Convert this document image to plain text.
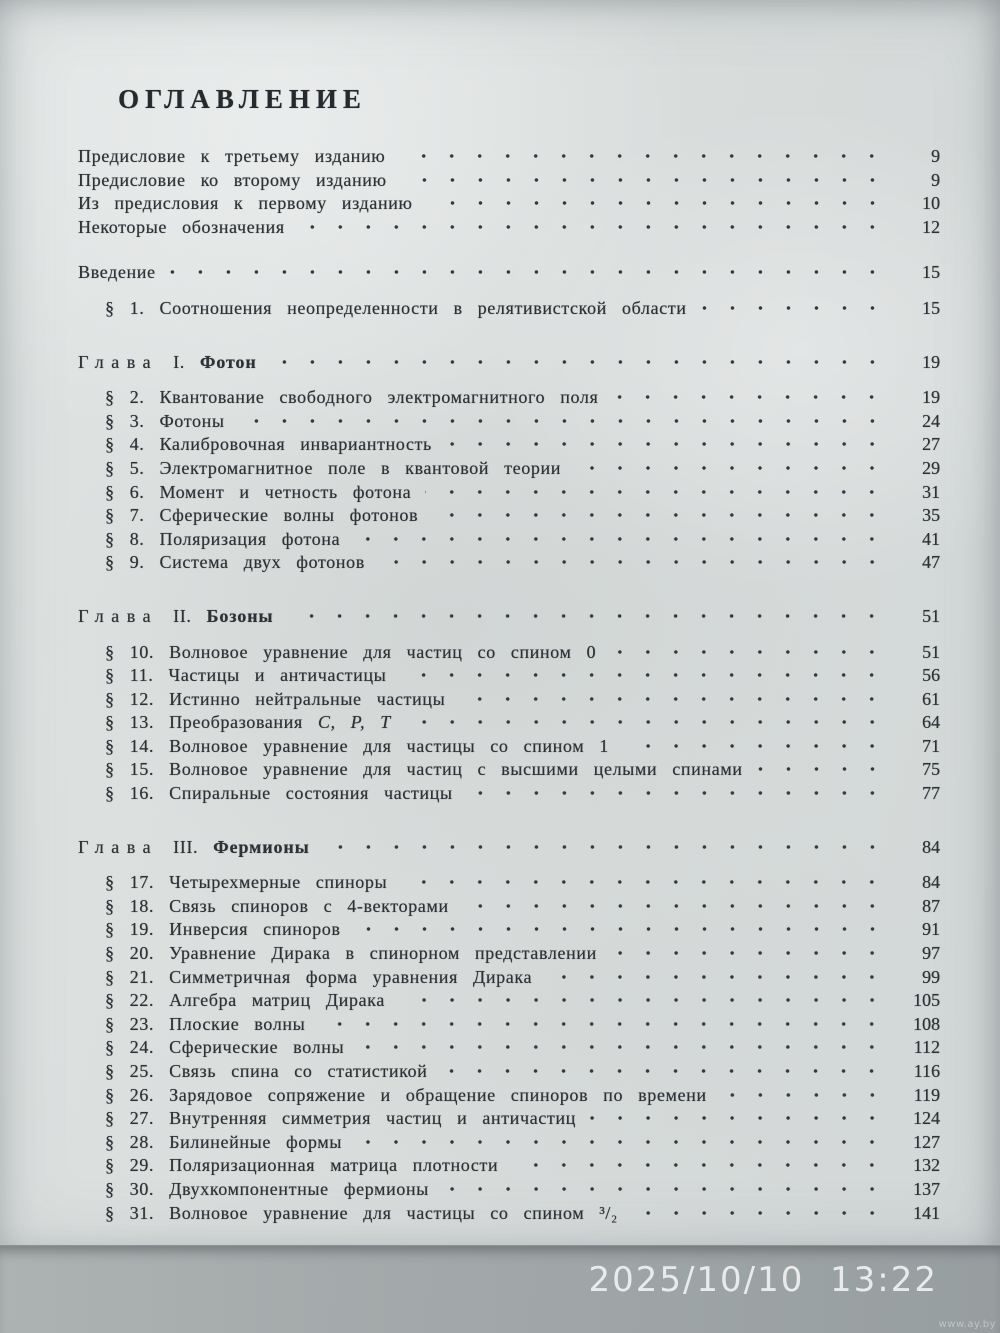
ОГЛАВЛЕНИЕ
Предисловие к третьему изданию	9
Предисловие ко второму изданию	9
Из предисловия к первому изданию	10
Некоторые обозначения	12
Введение	15
§ 1. Соотношения неопределенности в релятивистской области	15
Глава I. Фотон	19
§ 2. Квантование свободного электромагнитного поля	19
§ 3. Фотоны	24
§ 4. Калибровочная инвариантность	27
§ 5. Электромагнитное поле в квантовой теории	29
§ 6. Момент и четность фотона	31
§ 7. Сферические волны фотонов	35
§ 8. Поляризация фотона	41
§ 9. Система двух фотонов	47
Глава II. Бозоны	51
§ 10. Волновое уравнение для частиц со спином 0	51
§ 11. Частицы и античастицы	56
§ 12. Истинно нейтральные частицы	61
§ 13. Преобразования C, P, T	64
§ 14. Волновое уравнение для частицы со спином 1	71
§ 15. Волновое уравнение для частиц с высшими целыми спинами	75
§ 16. Спиральные состояния частицы	77
Глава III. Фермионы	84
§ 17. Четырехмерные спиноры	84
§ 18. Связь спиноров с 4-векторами	87
§ 19. Инверсия спиноров	91
§ 20. Уравнение Дирака в спинорном представлении	97
§ 21. Симметричная форма уравнения Дирака	99
§ 22. Алгебра матриц Дирака	105
§ 23. Плоские волны	108
§ 24. Сферические волны	112
§ 25. Связь спина со статистикой	116
§ 26. Зарядовое сопряжение и обращение спиноров по времени	119
§ 27. Внутренняя симметрия частиц и античастиц	124
§ 28. Билинейные формы	127
§ 29. Поляризационная матрица плотности	132
§ 30. Двухкомпонентные фермионы	137
§ 31. Волновое уравнение для частицы со спином ³/₂	141
2025/10/10  13:22
www.ay.by
